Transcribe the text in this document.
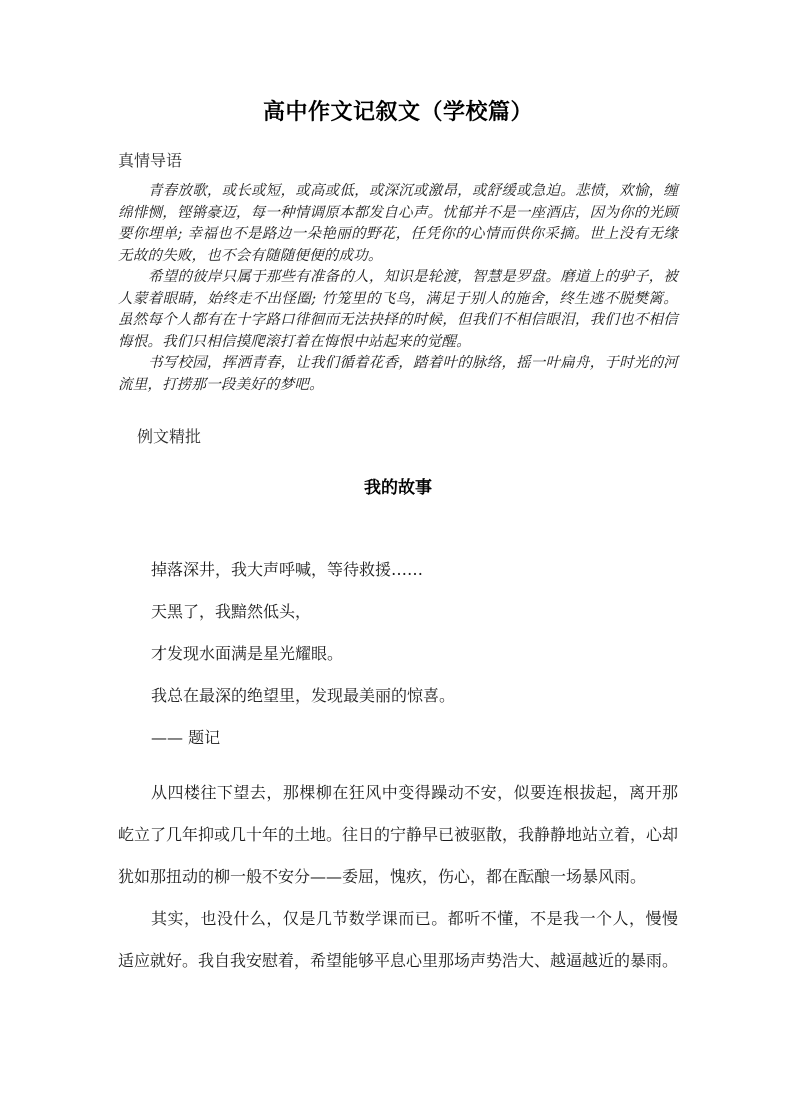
高中作文记叙文（学校篇）
真情导语

青春放歌，或长或短，或高或低，或深沉或激昂，或舒缓或急迫。悲愤，欢愉，缠绵悱恻，铿锵豪迈，每一种情调原本都发自心声。忧郁并不是一座酒店，因为你的光顾要你埋单; 幸福也不是路边一朵艳丽的野花，任凭你的心情而供你采摘。世上没有无缘无故的失败，也不会有随随便便的成功。

希望的彼岸只属于那些有准备的人，知识是轮渡，智慧是罗盘。磨道上的驴子，被人蒙着眼睛，始终走不出怪圈; 竹笼里的飞鸟，满足于别人的施舍，终生逃不脱樊篱。虽然每个人都有在十字路口徘徊而无法抉择的时候，但我们不相信眼泪，我们也不相信悔恨。我们只相信摸爬滚打着在悔恨中站起来的觉醒。

书写校园，挥洒青春，让我们循着花香，踏着叶的脉络，摇一叶扁舟，于时光的河流里，打捞那一段美好的梦吧。

例文精批
我的故事
掉落深井，我大声呼喊，等待救援……
天黑了，我黯然低头，
才发现水面满是星光耀眼。
我总在最深的绝望里，发现最美丽的惊喜。
—— 题记

从四楼往下望去，那棵柳在狂风中变得躁动不安，似要连根拔起，离开那屹立了几年抑或几十年的土地。往日的宁静早已被驱散，我静静地站立着，心却犹如那扭动的柳一般不安分——委屈，愧疚，伤心，都在酝酿一场暴风雨。

其实，也没什么，仅是几节数学课而已。都听不懂，不是我一个人，慢慢适应就好。我自我安慰着，希望能够平息心里那场声势浩大、越逼越近的暴雨。
